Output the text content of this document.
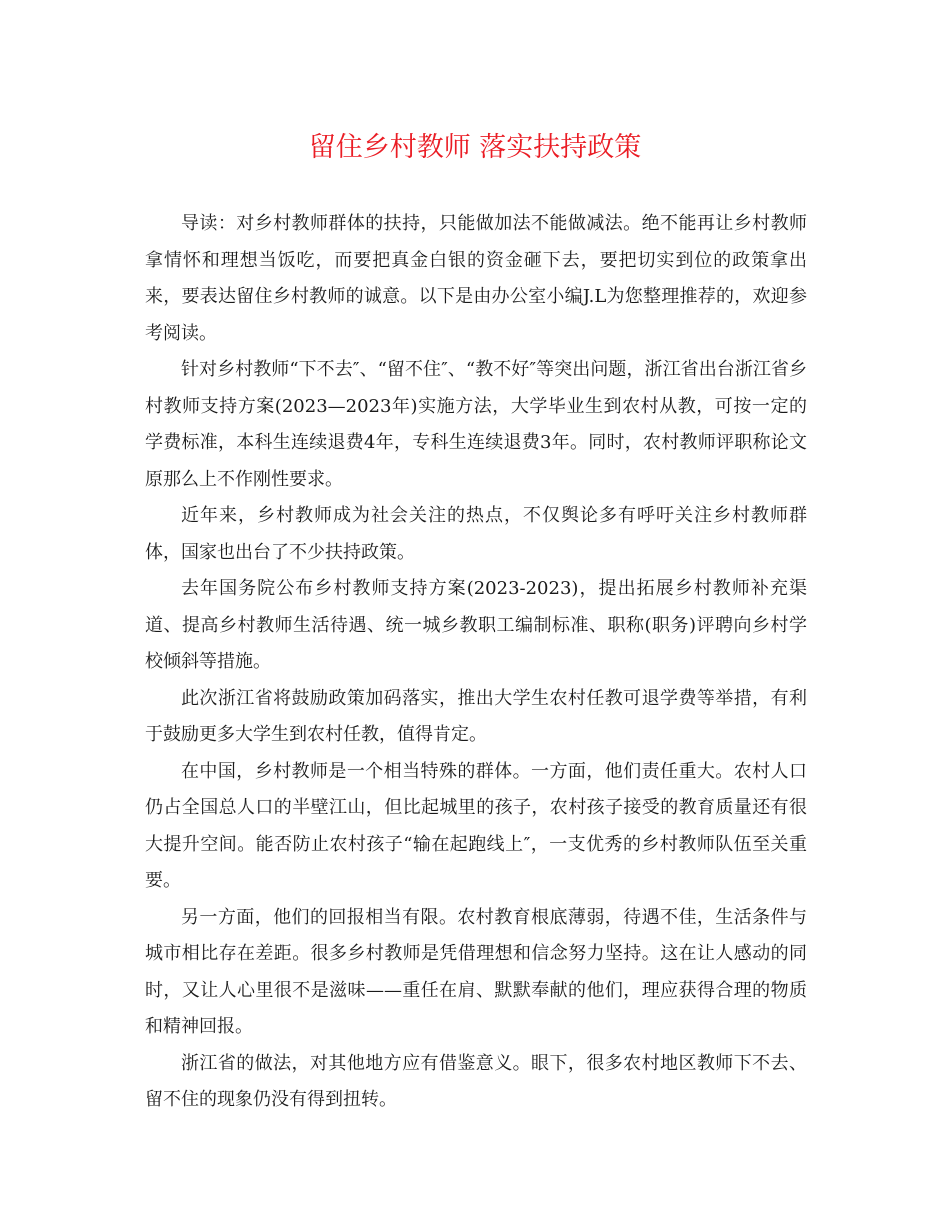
留住乡村教师 落实扶持政策

导读：对乡村教师群体的扶持，只能做加法不能做减法。绝不能再让乡村教师拿情怀和理想当饭吃，而要把真金白银的资金砸下去，要把切实到位的政策拿出来，要表达留住乡村教师的诚意。以下是由办公室小编J.L为您整理推荐的，欢迎参考阅读。

针对乡村教师“下不去″、“留不住″、“教不好″等突出问题，浙江省出台浙江省乡村教师支持方案(2023—2023年)实施方法，大学毕业生到农村从教，可按一定的学费标准，本科生连续退费4年，专科生连续退费3年。同时，农村教师评职称论文原那么上不作刚性要求。

近年来，乡村教师成为社会关注的热点，不仅舆论多有呼吁关注乡村教师群体，国家也出台了不少扶持政策。

去年国务院公布乡村教师支持方案(2023-2023)，提出拓展乡村教师补充渠道、提高乡村教师生活待遇、统一城乡教职工编制标准、职称(职务)评聘向乡村学校倾斜等措施。

此次浙江省将鼓励政策加码落实，推出大学生农村任教可退学费等举措，有利于鼓励更多大学生到农村任教，值得肯定。

在中国，乡村教师是一个相当特殊的群体。一方面，他们责任重大。农村人口仍占全国总人口的半壁江山，但比起城里的孩子，农村孩子接受的教育质量还有很大提升空间。能否防止农村孩子“输在起跑线上″，一支优秀的乡村教师队伍至关重要。

另一方面，他们的回报相当有限。农村教育根底薄弱，待遇不佳，生活条件与城市相比存在差距。很多乡村教师是凭借理想和信念努力坚持。这在让人感动的同时，又让人心里很不是滋味——重任在肩、默默奉献的他们，理应获得合理的物质和精神回报。

浙江省的做法，对其他地方应有借鉴意义。眼下，很多农村地区教师下不去、留不住的现象仍没有得到扭转。
